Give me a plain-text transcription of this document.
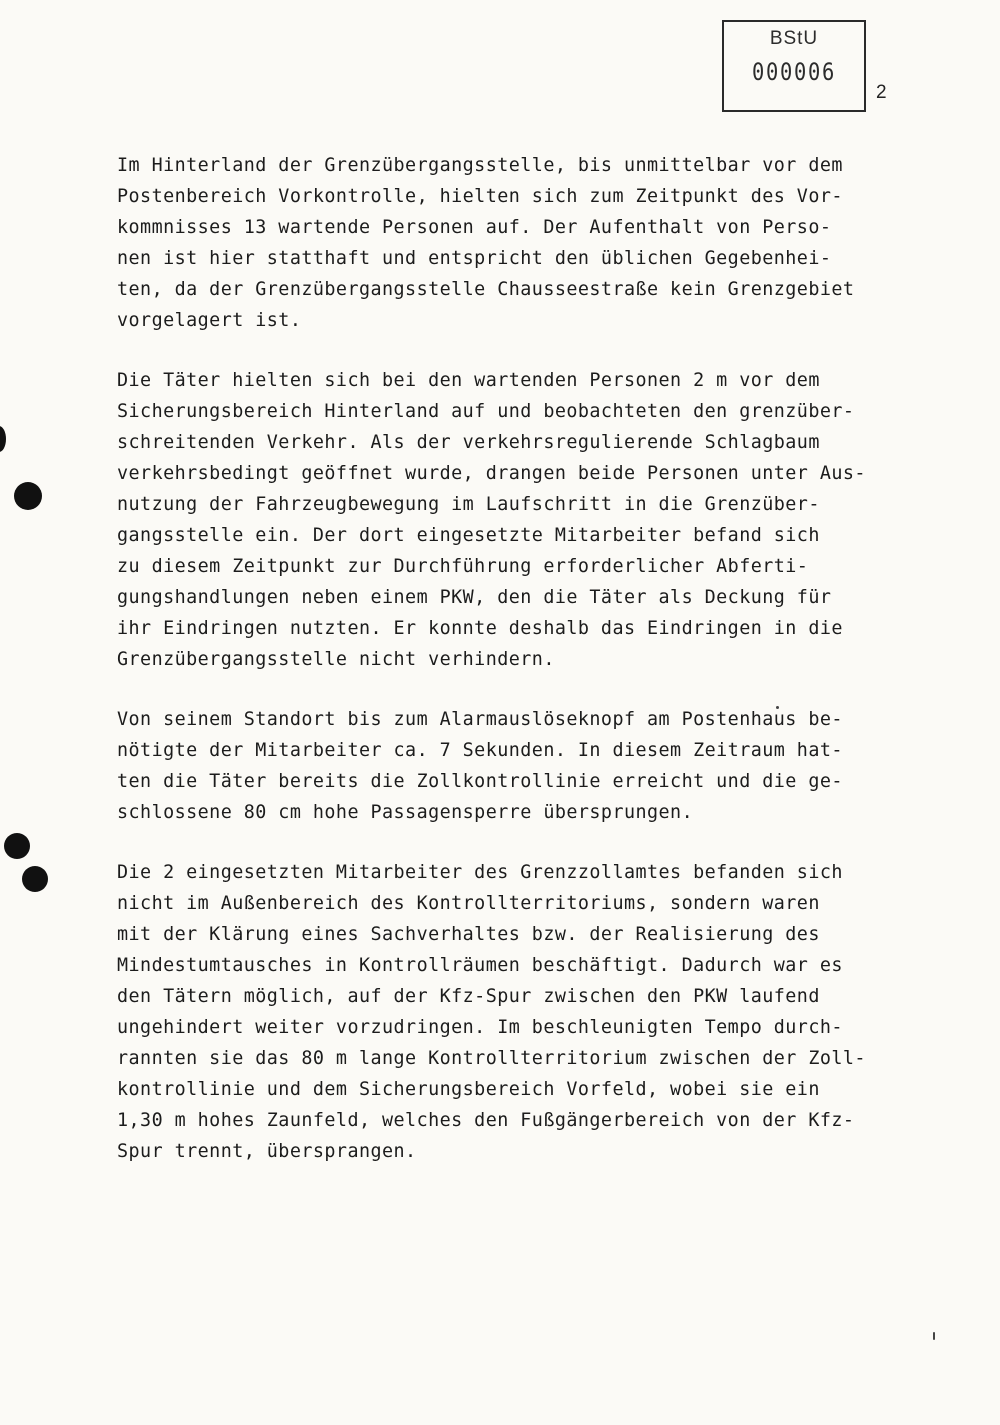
BStU
000006
2
Im Hinterland der Grenzübergangsstelle, bis unmittelbar vor dem
Postenbereich Vorkontrolle, hielten sich zum Zeitpunkt des Vor-
kommnisses 13 wartende Personen auf. Der Aufenthalt von Perso-
nen ist hier statthaft und entspricht den üblichen Gegebenhei-
ten, da der Grenzübergangsstelle Chausseestraße kein Grenzgebiet
vorgelagert ist.
Die Täter hielten sich bei den wartenden Personen 2 m vor dem
Sicherungsbereich Hinterland auf und beobachteten den grenzüber-
schreitenden Verkehr. Als der verkehrsregulierende Schlagbaum
verkehrsbedingt geöffnet wurde, drangen beide Personen unter Aus-
nutzung der Fahrzeugbewegung im Laufschritt in die Grenzüber-
gangsstelle ein. Der dort eingesetzte Mitarbeiter befand sich
zu diesem Zeitpunkt zur Durchführung erforderlicher Abferti-
gungshandlungen neben einem PKW, den die Täter als Deckung für
ihr Eindringen nutzten. Er konnte deshalb das Eindringen in die
Grenzübergangsstelle nicht verhindern.
Von seinem Standort bis zum Alarmauslöseknopf am Postenhaus be-
nötigte der Mitarbeiter ca. 7 Sekunden. In diesem Zeitraum hat-
ten die Täter bereits die Zollkontrollinie erreicht und die ge-
schlossene 80 cm hohe Passagensperre übersprungen.
Die 2 eingesetzten Mitarbeiter des Grenzzollamtes befanden sich
nicht im Außenbereich des Kontrollterritoriums, sondern waren
mit der Klärung eines Sachverhaltes bzw. der Realisierung des
Mindestumtausches in Kontrollräumen beschäftigt. Dadurch war es
den Tätern möglich, auf der Kfz-Spur zwischen den PKW laufend
ungehindert weiter vorzudringen. Im beschleunigten Tempo durch-
rannten sie das 80 m lange Kontrollterritorium zwischen der Zoll-
kontrollinie und dem Sicherungsbereich Vorfeld, wobei sie ein
1,30 m hohes Zaunfeld, welches den Fußgängerbereich von der Kfz-
Spur trennt, übersprangen.
